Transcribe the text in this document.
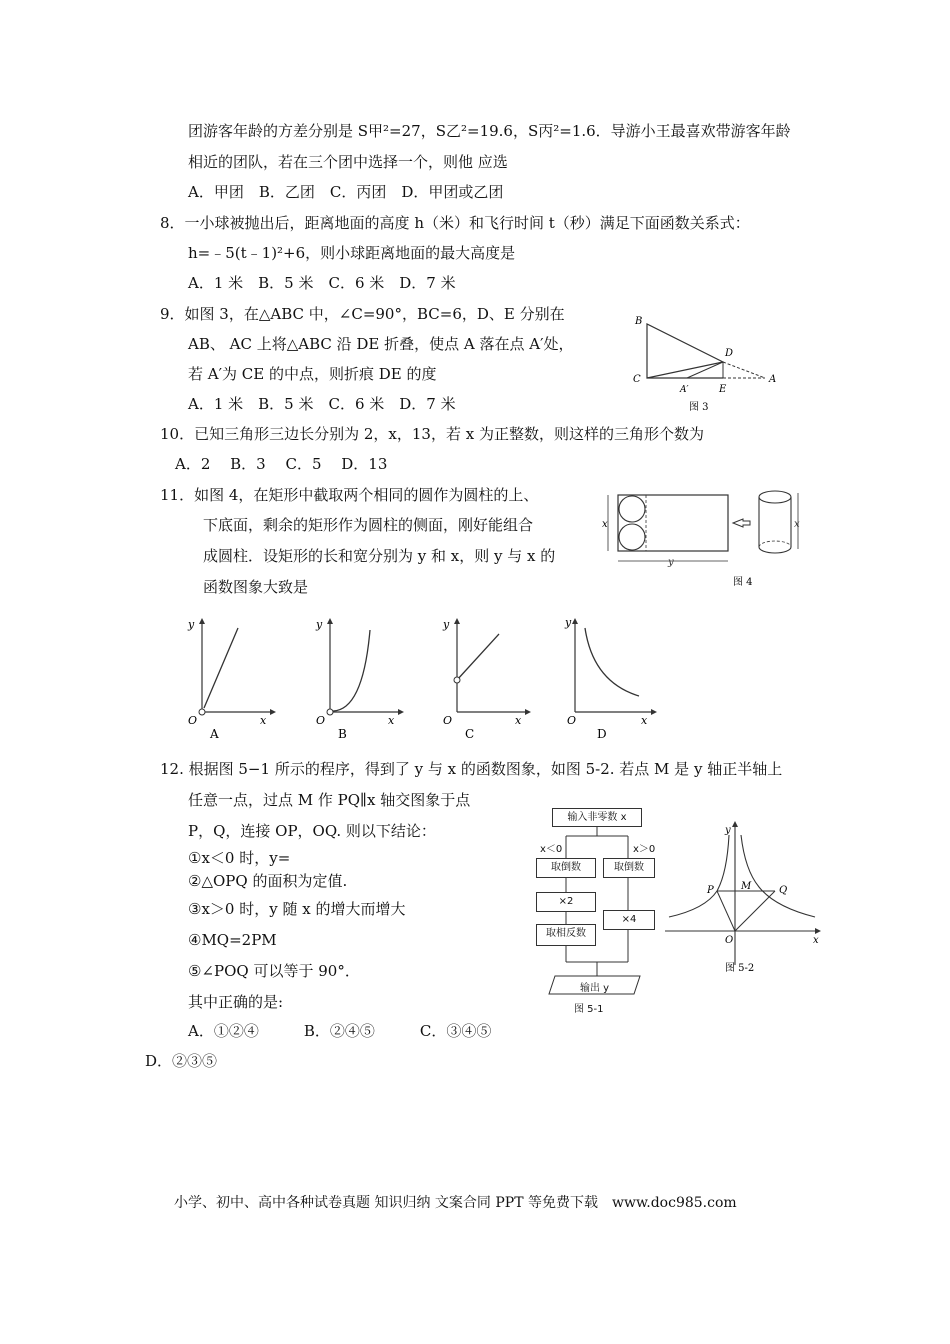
团游客年龄的方差分别是 S甲²=27，S乙²=19.6，S丙²=1.6．导游小王最喜欢带游客年龄
相近的团队，若在三个团中选择一个，则他 应选
A．甲团　B．乙团　C．丙团　D．甲团或乙团
8．一小球被抛出后，距离地面的高度 h（米）和飞行时间 t（秒）满足下面函数关系式：
h=﹣5(t﹣1)²+6，则小球距离地面的最大高度是
A．1 米　B．5 米　C．6 米　D．7 米
9．如图 3，在△ABC 中，∠C=90°，BC=6，D、E 分别在
AB、 AC 上将△ABC 沿 DE 折叠，使点 A 落在点 A′处，
若 A′为 CE 的中点，则折痕 DE 的度
A．1 米　B．5 米　C．6 米　D．7 米
B
C
D
A
A′	E
图 3
10．已知三角形三边长分别为 2，x，13，若 x 为正整数，则这样的三角形个数为
A．2　 B．3　 C．5　 D．13
11．如图 4，在矩形中截取两个相同的圆作为圆柱的上、
下底面，剩余的矩形作为圆柱的侧面，刚好能组合
成圆柱．设矩形的长和宽分别为 y 和 x，则 y 与 x 的
函数图象大致是
x
y
x
图 4
y
x
O
A
y
x
O
B
y
x
O
C
y
x
O
D
12. 根据图 5−1 所示的程序，得到了 y 与 x 的函数图象，如图 5-2. 若点 M 是 y 轴正半轴上
任意一点，过点 M 作 PQ∥x 轴交图象于点
P，Q，连接 OP，OQ. 则以下结论：
①x＜0 时，y=
②△OPQ 的面积为定值.
③x＞0 时，y 随 x 的增大而增大
④MQ=2PM
⑤∠POQ 可以等于 90°．
其中正确的是:
A．①②④　　　B．②④⑤　　　C．③④⑤
D．②③⑤
输入非零数 x
x＜0	x＞0
取倒数	取倒数
×2
×4
取相反数
输出 y
图 5-1
P	M	Q
O	x
y
图 5-2
小学、初中、高中各种试卷真题 知识归纳 文案合同 PPT 等免费下载　www.doc985.com
